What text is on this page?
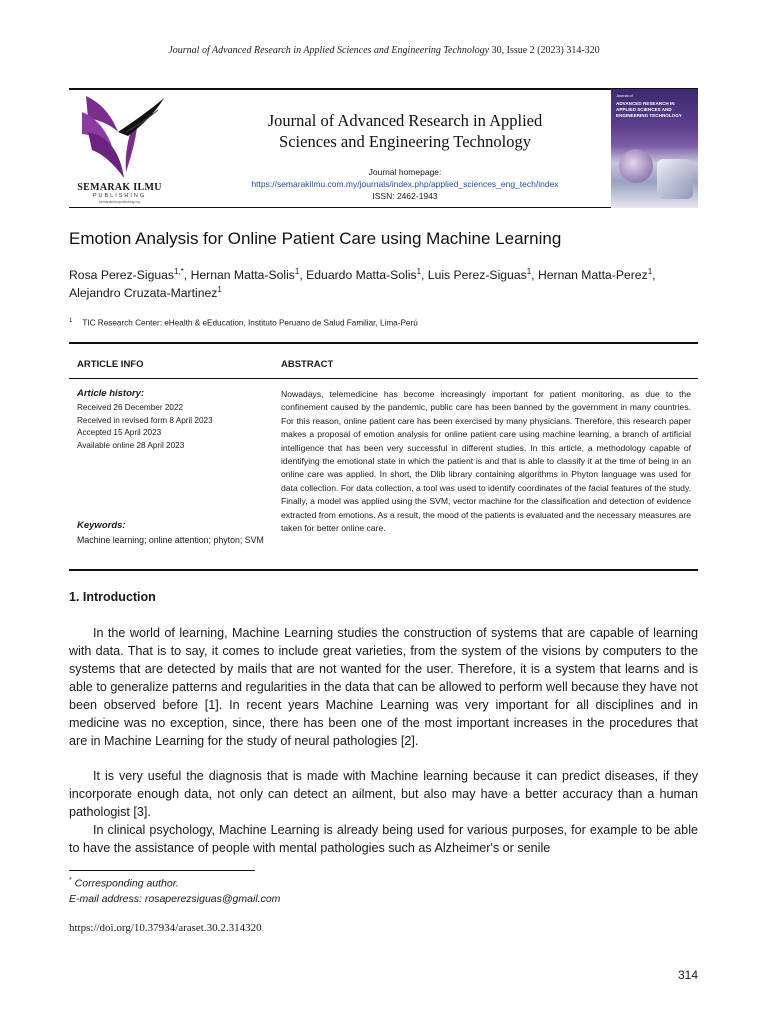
Journal of Advanced Research in Applied Sciences and Engineering Technology 30, Issue 2 (2023) 314-320
SEMARAK ILMU
PUBLISHING
semarakilmupublishing.my
Journal of Advanced Research in Applied
Sciences and Engineering Technology
Journal homepage:
https://semarakilmu.com.my/journals/index.php/applied_sciences_eng_tech/index
ISSN: 2462-1943
Journal of
ADVANCED RESEARCH IN
APPLIED SCIENCES AND
ENGINEERING TECHNOLOGY
Emotion Analysis for Online Patient Care using Machine Learning
Rosa Perez-Siguas$^{1,*}$, Hernan Matta-Solis$^1$, Eduardo Matta-Solis$^1$, Luis Perez-Siguas$^1$, Hernan Matta-Perez$^1$, Alejandro Cruzata-Martinez$^1$
$^1$ TIC Research Center: eHealth & eEducation, Instituto Peruano de Salud Familiar, Lima-Perú
ARTICLE INFO	ABSTRACT
Article history:
Received 26 December 2022
Received in revised form 8 April 2023
Accepted 15 April 2023
Available online 28 April 2023
Keywords:
Machine learning; online attention; phyton; SVM
Nowadays, telemedicine has become increasingly important for patient monitoring, as due to the confinement caused by the pandemic, public care has been banned by the government in many countries. For this reason, online patient care has been exercised by many physicians. Therefore, this research paper makes a proposal of emotion analysis for online patient care using machine learning, a branch of artificial intelligence that has been very successful in different studies. In this article, a methodology capable of identifying the emotional state in which the patient is and that is able to classify it at the time of being in an online care was applied. In short, the Dlib library containing algorithms in Phyton language was used for data collection. For data collection, a tool was used to identify coordinates of the facial features of the study. Finally, a model was applied using the SVM, vector machine for the classification and detection of evidence extracted from emotions. As a result, the mood of the patients is evaluated and the necessary measures are taken for better online care.
1. Introduction
In the world of learning, Machine Learning studies the construction of systems that are capable of learning with data. That is to say, it comes to include great varieties, from the system of the visions by computers to the systems that are detected by mails that are not wanted for the user. Therefore, it is a system that learns and is able to generalize patterns and regularities in the data that can be allowed to perform well because they have not been observed before [1]. In recent years Machine Learning was very important for all disciplines and in medicine was no exception, since, there has been one of the most important increases in the procedures that are in Machine Learning for the study of neural pathologies [2].
It is very useful the diagnosis that is made with Machine learning because it can predict diseases, if they incorporate enough data, not only can detect an ailment, but also may have a better accuracy than a human pathologist [3].
In clinical psychology, Machine Learning is already being used for various purposes, for example to be able to have the assistance of people with mental pathologies such as Alzheimer's or senile
* Corresponding author.
E-mail address: rosaperezsiguas@gmail.com
https://doi.org/10.37934/araset.30.2.314320
314
